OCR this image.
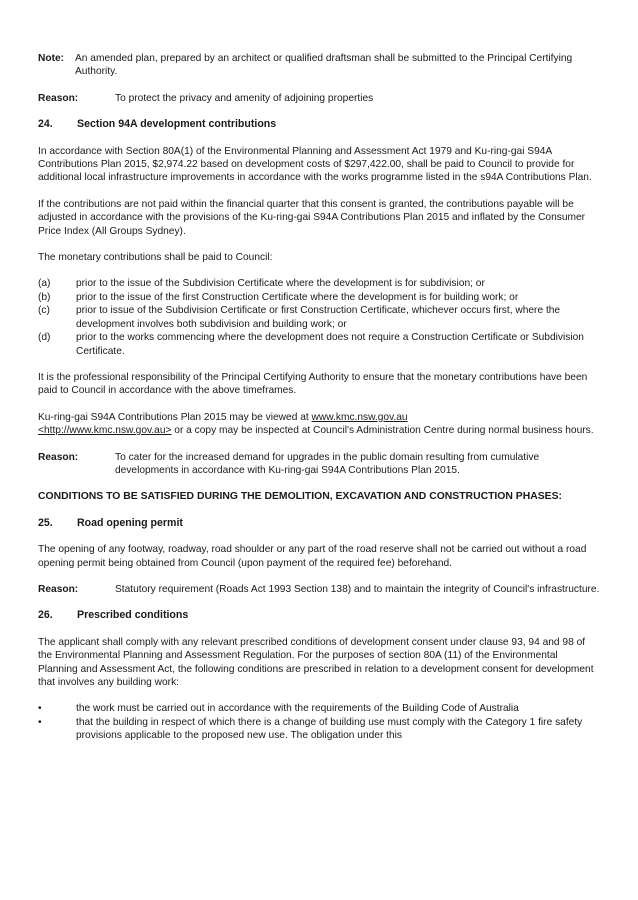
Note:	An amended plan, prepared by an architect or qualified draftsman shall be submitted to the Principal Certifying Authority.

Reason:	To protect the privacy and amenity of adjoining properties

24.	Section 94A development contributions

In accordance with Section 80A(1) of the Environmental Planning and Assessment Act 1979 and Ku-ring-gai S94A Contributions Plan 2015, $2,974.22 based on development costs of $297,422.00, shall be paid to Council to provide for additional local infrastructure improvements in accordance with the works programme listed in the s94A Contributions Plan.

If the contributions are not paid within the financial quarter that this consent is granted, the contributions payable will be adjusted in accordance with the provisions of the Ku-ring-gai S94A Contributions Plan 2015 and inflated by the Consumer Price Index (All Groups Sydney).

The monetary contributions shall be paid to Council:

(a)	prior to the issue of the Subdivision Certificate where the development is for subdivision; or
(b)	prior to the issue of the first Construction Certificate where the development is for building work; or
(c)	prior to issue of the Subdivision Certificate or first Construction Certificate, whichever occurs first, where the development involves both subdivision and building work; or
(d)	prior to the works commencing where the development does not require a Construction Certificate or Subdivision Certificate.

It is the professional responsibility of the Principal Certifying Authority to ensure that the monetary contributions have been paid to Council in accordance with the above timeframes.

Ku-ring-gai S94A Contributions Plan 2015 may be viewed at www.kmc.nsw.gov.au
<http://www.kmc.nsw.gov.au> or a copy may be inspected at Council's Administration Centre during normal business hours.

Reason:	To cater for the increased demand for upgrades in the public domain resulting from cumulative developments in accordance with Ku-ring-gai S94A Contributions Plan 2015.

CONDITIONS TO BE SATISFIED DURING THE DEMOLITION, EXCAVATION AND CONSTRUCTION PHASES:

25.	Road opening permit

The opening of any footway, roadway, road shoulder or any part of the road reserve shall not be carried out without a road opening permit being obtained from Council (upon payment of the required fee) beforehand.

Reason:	Statutory requirement (Roads Act 1993 Section 138) and to maintain the integrity of Council's infrastructure.

26.	Prescribed conditions

The applicant shall comply with any relevant prescribed conditions of development consent under clause 93, 94 and 98 of the Environmental Planning and Assessment Regulation. For the purposes of section 80A (11) of the Environmental Planning and Assessment Act, the following conditions are prescribed in relation to a development consent for development that involves any building work:

•	the work must be carried out in accordance with the requirements of the Building Code of Australia
•	that the building in respect of which there is a change of building use must comply with the Category 1 fire safety provisions applicable to the proposed new use. The obligation under this
